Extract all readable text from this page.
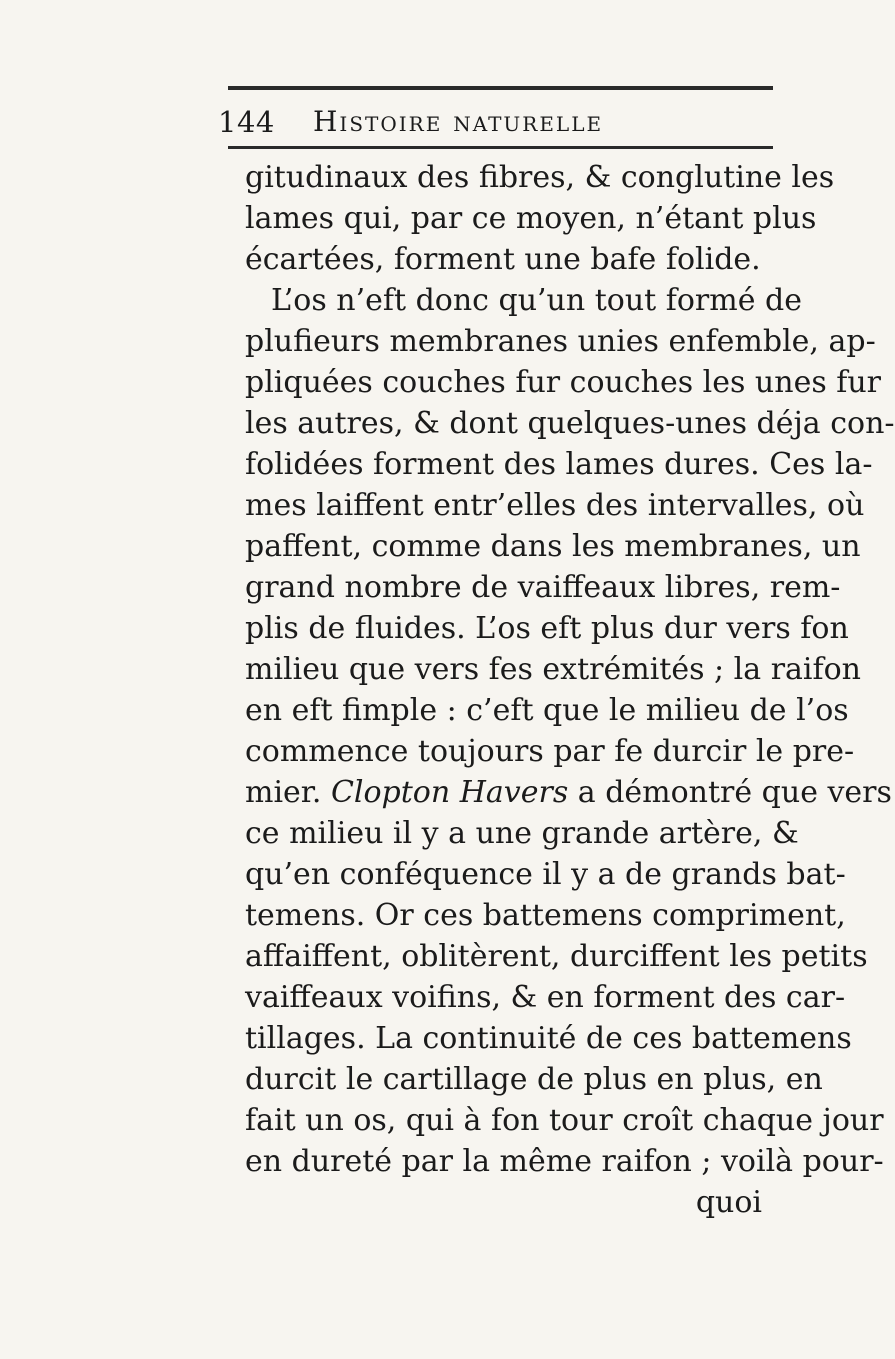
144 Histoire naturelle
gitudinaux des fibres, & conglutine les
lames qui, par ce moyen, n’étant plus
écartées, forment une bafe folide.
L’os n’eft donc qu’un tout formé de
plufieurs membranes unies enfemble, ap-
pliquées couches fur couches les unes fur
les autres, & dont quelques-unes déja con-
folidées forment des lames dures. Ces la-
mes laiffent entr’elles des intervalles, où
paffent, comme dans les membranes, un
grand nombre de vaiffeaux libres, rem-
plis de fluides. L’os eft plus dur vers fon
milieu que vers fes extrémités ; la raifon
en eft fimple : c’eft que le milieu de l’os
commence toujours par fe durcir le pre-
mier. Clopton Havers a démontré que vers
ce milieu il y a une grande artère, &
qu’en conféquence il y a de grands bat-
temens. Or ces battemens compriment,
affaiffent, oblitèrent, durciffent les petits
vaiffeaux voifins, & en forment des car-
tillages. La continuité de ces battemens
durcit le cartillage de plus en plus, en
fait un os, qui à fon tour croît chaque jour
en dureté par la même raifon ; voilà pour-
quoi
